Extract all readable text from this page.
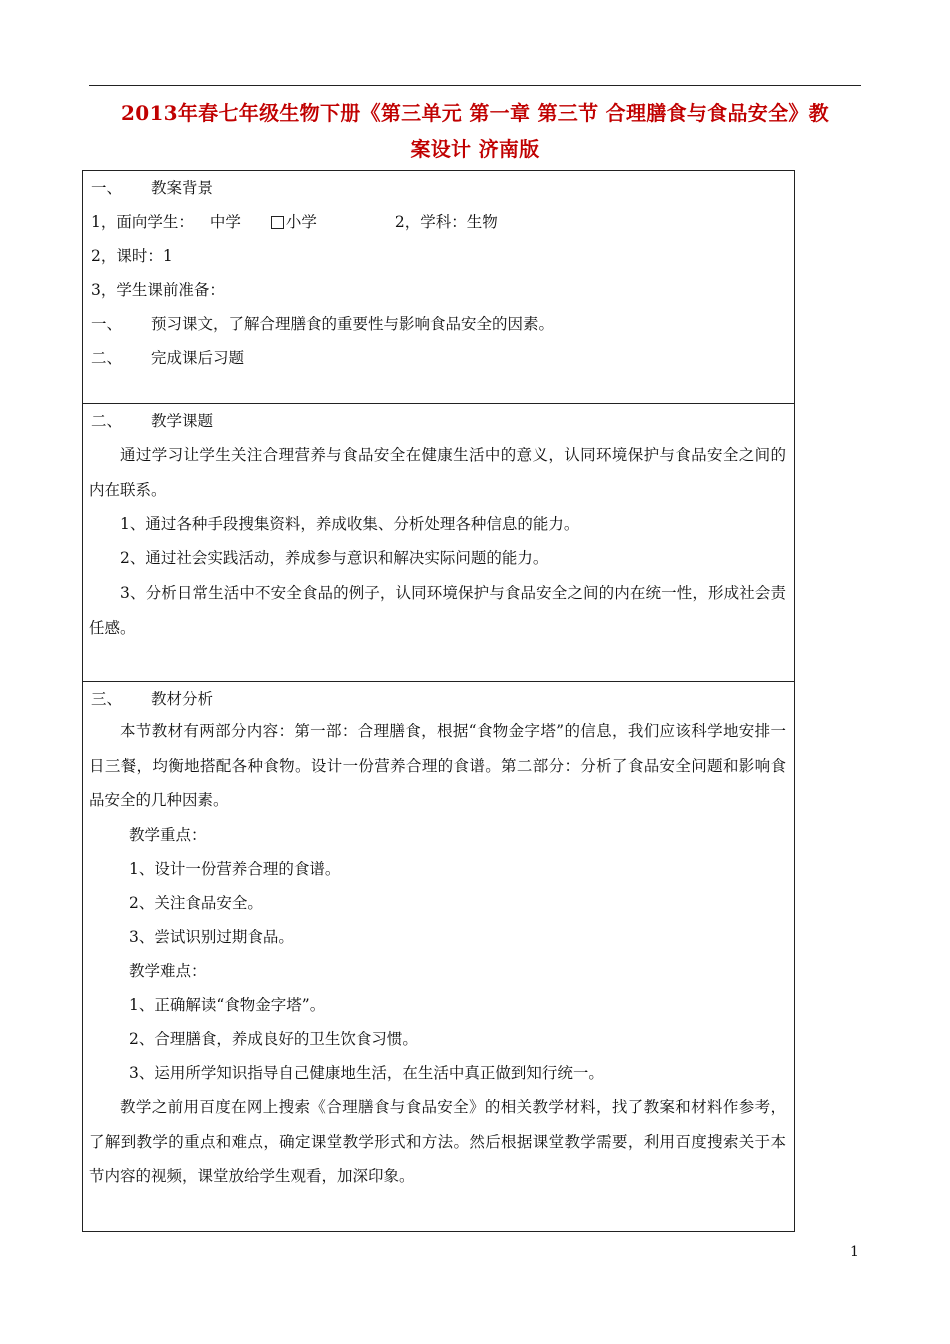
2013年春七年级生物下册《第三单元 第一章 第三节 合理膳食与食品安全》教
案设计 济南版
一、	教案背景
1，面向学生：	中学	小学	2，学科：生物
2，课时：1
3，学生课前准备：
一、	预习课文，了解合理膳食的重要性与影响食品安全的因素。
二、	完成课后习题
二、	教学课题
通过学习让学生关注合理营养与食品安全在健康生活中的意义，认同环境保护与食品安全之间的内在联系。
1、通过各种手段搜集资料，养成收集、分析处理各种信息的能力。
2、通过社会实践活动，养成参与意识和解决实际问题的能力。
3、分析日常生活中不安全食品的例子，认同环境保护与食品安全之间的内在统一性，形成社会责任感。
三、	教材分析
本节教材有两部分内容：第一部：合理膳食，根据“食物金字塔”的信息，我们应该科学地安排一日三餐，均衡地搭配各种食物。设计一份营养合理的食谱。第二部分：分析了食品安全问题和影响食品安全的几种因素。
教学重点：
1、设计一份营养合理的食谱。
2、关注食品安全。
3、尝试识别过期食品。
教学难点：
1、正确解读“食物金字塔”。
2、合理膳食，养成良好的卫生饮食习惯。
3、运用所学知识指导自己健康地生活，在生活中真正做到知行统一。
教学之前用百度在网上搜索《合理膳食与食品安全》的相关教学材料，找了教案和材料作参考，了解到教学的重点和难点，确定课堂教学形式和方法。然后根据课堂教学需要，利用百度搜索关于本节内容的视频，课堂放给学生观看，加深印象。
1
